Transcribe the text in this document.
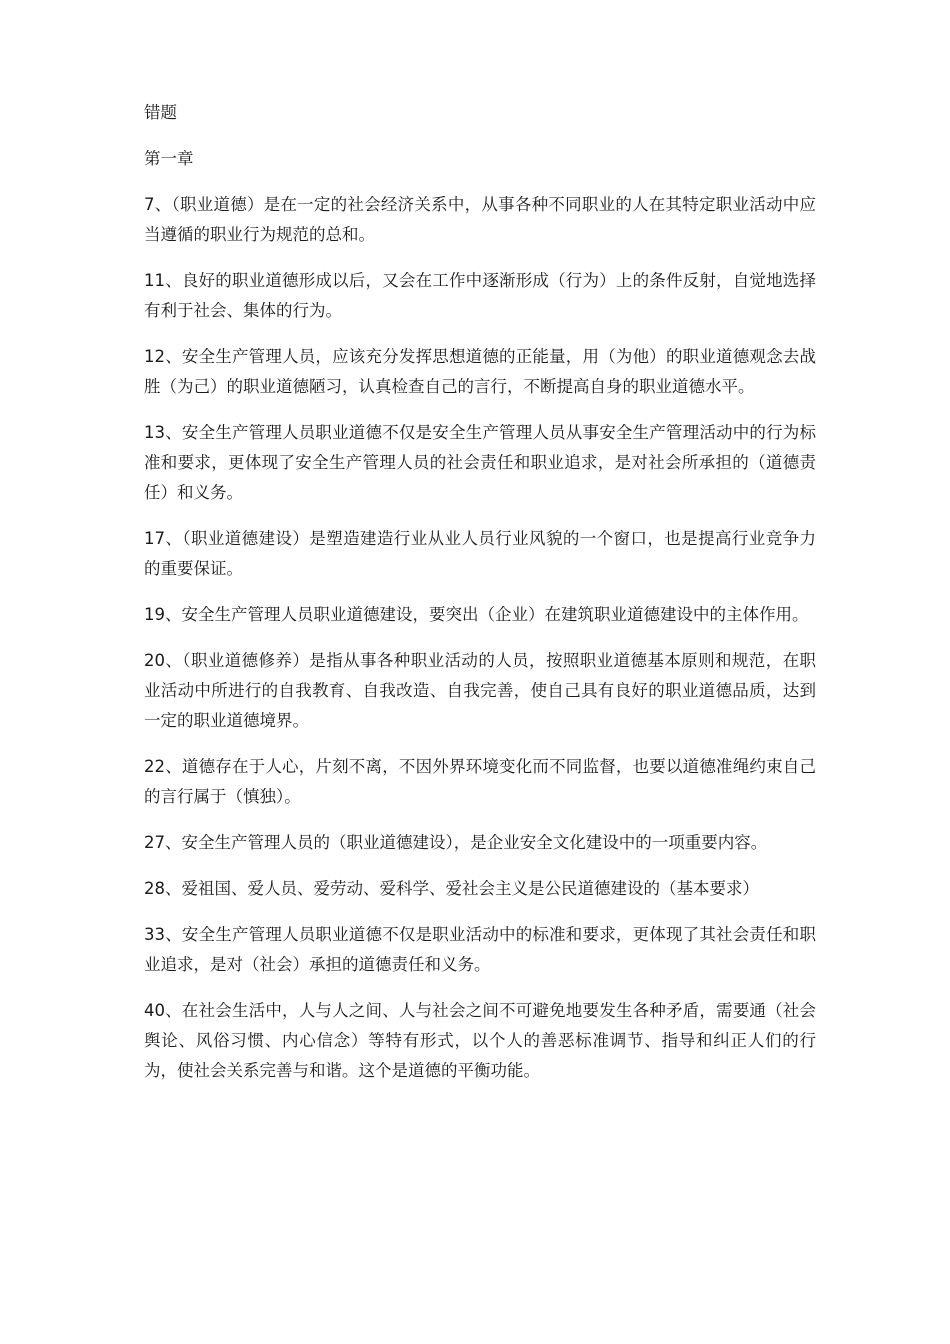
错题

第一章

7、（职业道德）是在一定的社会经济关系中，从事各种不同职业的人在其特定职业活动中应当遵循的职业行为规范的总和。

11、良好的职业道德形成以后，又会在工作中逐渐形成（行为）上的条件反射，自觉地选择有利于社会、集体的行为。

12、安全生产管理人员，应该充分发挥思想道德的正能量，用（为他）的职业道德观念去战胜（为己）的职业道德陋习，认真检查自己的言行，不断提高自身的职业道德水平。

13、安全生产管理人员职业道德不仅是安全生产管理人员从事安全生产管理活动中的行为标准和要求，更体现了安全生产管理人员的社会责任和职业追求，是对社会所承担的（道德责任）和义务。

17、（职业道德建设）是塑造建造行业从业人员行业风貌的一个窗口，也是提高行业竞争力的重要保证。

19、安全生产管理人员职业道德建设，要突出（企业）在建筑职业道德建设中的主体作用。

20、（职业道德修养）是指从事各种职业活动的人员，按照职业道德基本原则和规范，在职业活动中所进行的自我教育、自我改造、自我完善，使自己具有良好的职业道德品质，达到一定的职业道德境界。

22、道德存在于人心，片刻不离，不因外界环境变化而不同监督，也要以道德准绳约束自己的言行属于（慎独）。

27、安全生产管理人员的（职业道德建设），是企业安全文化建设中的一项重要内容。

28、爱祖国、爱人员、爱劳动、爱科学、爱社会主义是公民道德建设的（基本要求）

33、安全生产管理人员职业道德不仅是职业活动中的标准和要求，更体现了其社会责任和职业追求，是对（社会）承担的道德责任和义务。

40、在社会生活中，人与人之间、人与社会之间不可避免地要发生各种矛盾，需要通（社会舆论、风俗习惯、内心信念）等特有形式，以个人的善恶标准调节、指导和纠正人们的行为，使社会关系完善与和谐。这个是道德的平衡功能。
